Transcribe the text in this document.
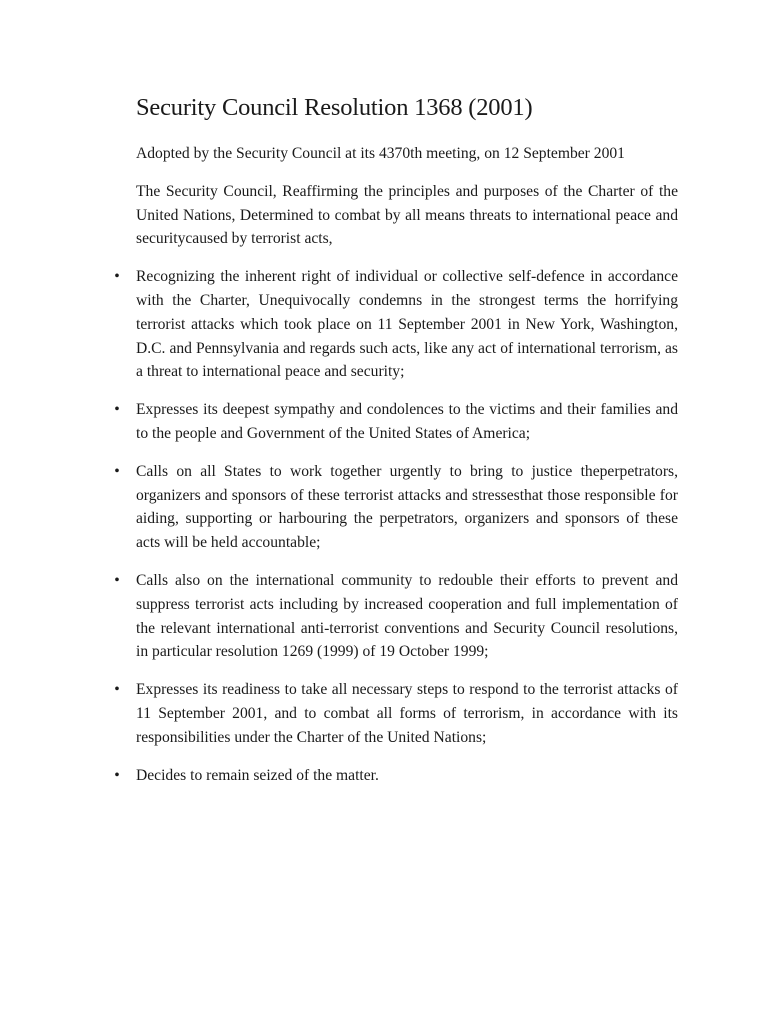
Security Council Resolution 1368 (2001)

Adopted by the Security Council at its 4370th meeting, on 12 September 2001

The Security Council, Reaffirming the principles and purposes of the Charter of the United Nations, Determined to combat by all means threats to international peace and securitycaused by terrorist acts,

• Recognizing the inherent right of individual or collective self-defence in accordance with the Charter, Unequivocally condemns in the strongest terms the horrifying terrorist attacks which took place on 11 September 2001 in New York, Washington, D.C. and Pennsylvania and regards such acts, like any act of international terrorism, as a threat to international peace and security;
• Expresses its deepest sympathy and condolences to the victims and their families and to the people and Government of the United States of America;
• Calls on all States to work together urgently to bring to justice theperpetrators, organizers and sponsors of these terrorist attacks and stressesthat those responsible for aiding, supporting or harbouring the perpetrators, organizers and sponsors of these acts will be held accountable;
• Calls also on the international community to redouble their efforts to prevent and suppress terrorist acts including by increased cooperation and full implementation of the relevant international anti-terrorist conventions and Security Council resolutions, in particular resolution 1269 (1999) of 19 October 1999;
• Expresses its readiness to take all necessary steps to respond to the terrorist attacks of 11 September 2001, and to combat all forms of terrorism, in accordance with its responsibilities under the Charter of the United Nations;
• Decides to remain seized of the matter.
